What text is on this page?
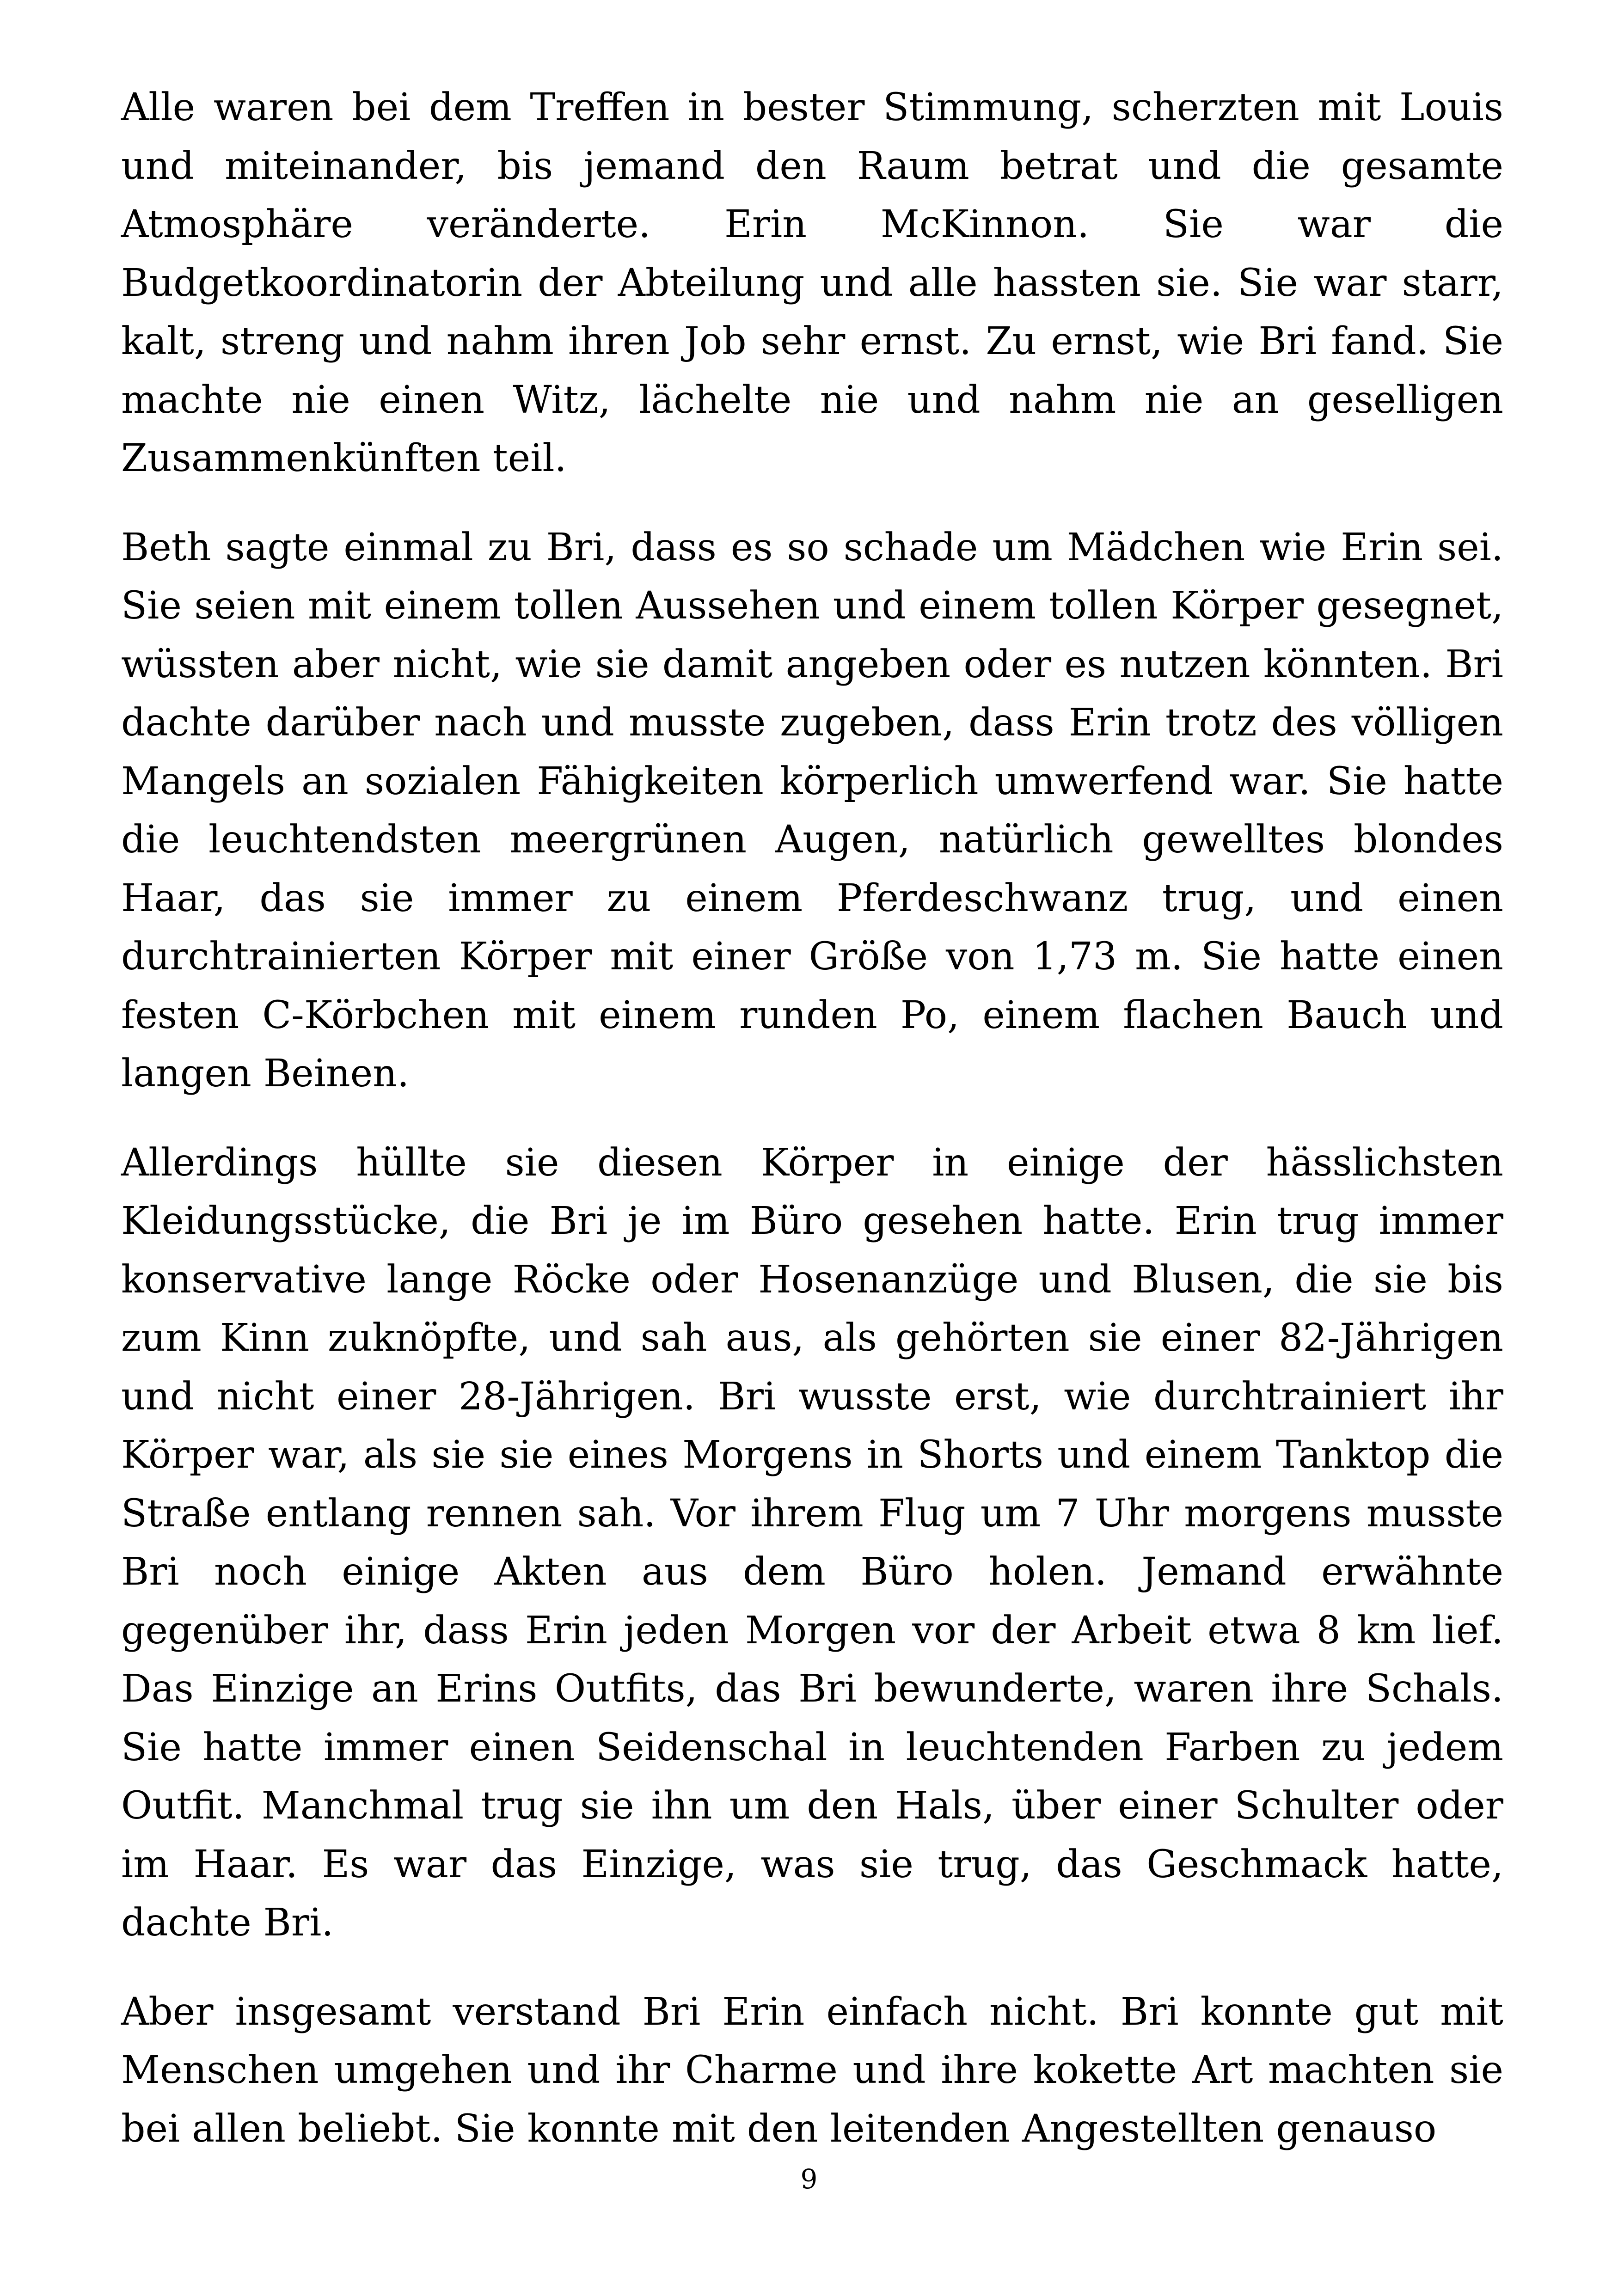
Alle waren bei dem Treffen in bester Stimmung, scherzten mit Louis und miteinander, bis jemand den Raum betrat und die gesamte Atmosphäre veränderte. Erin McKinnon. Sie war die Budgetkoordinatorin der Abteilung und alle hassten sie. Sie war starr, kalt, streng und nahm ihren Job sehr ernst. Zu ernst, wie Bri fand. Sie machte nie einen Witz, lächelte nie und nahm nie an geselligen Zusammenkünften teil.

Beth sagte einmal zu Bri, dass es so schade um Mädchen wie Erin sei. Sie seien mit einem tollen Aussehen und einem tollen Körper gesegnet, wüssten aber nicht, wie sie damit angeben oder es nutzen könnten. Bri dachte darüber nach und musste zugeben, dass Erin trotz des völligen Mangels an sozialen Fähigkeiten körperlich umwerfend war. Sie hatte die leuchtendsten meergrünen Augen, natürlich gewelltes blondes Haar, das sie immer zu einem Pferdeschwanz trug, und einen durchtrainierten Körper mit einer Größe von 1,73 m. Sie hatte einen festen C-Körbchen mit einem runden Po, einem flachen Bauch und langen Beinen.

Allerdings hüllte sie diesen Körper in einige der hässlichsten Kleidungsstücke, die Bri je im Büro gesehen hatte. Erin trug immer konservative lange Röcke oder Hosenanzüge und Blusen, die sie bis zum Kinn zuknöpfte, und sah aus, als gehörten sie einer 82-Jährigen und nicht einer 28-Jährigen. Bri wusste erst, wie durchtrainiert ihr Körper war, als sie sie eines Morgens in Shorts und einem Tanktop die Straße entlang rennen sah. Vor ihrem Flug um 7 Uhr morgens musste Bri noch einige Akten aus dem Büro holen. Jemand erwähnte gegenüber ihr, dass Erin jeden Morgen vor der Arbeit etwa 8 km lief. Das Einzige an Erins Outfits, das Bri bewunderte, waren ihre Schals. Sie hatte immer einen Seidenschal in leuchtenden Farben zu jedem Outfit. Manchmal trug sie ihn um den Hals, über einer Schulter oder im Haar. Es war das Einzige, was sie trug, das Geschmack hatte, dachte Bri.

Aber insgesamt verstand Bri Erin einfach nicht. Bri konnte gut mit Menschen umgehen und ihr Charme und ihre kokette Art machten sie bei allen beliebt. Sie konnte mit den leitenden Angestellten genauso

9
